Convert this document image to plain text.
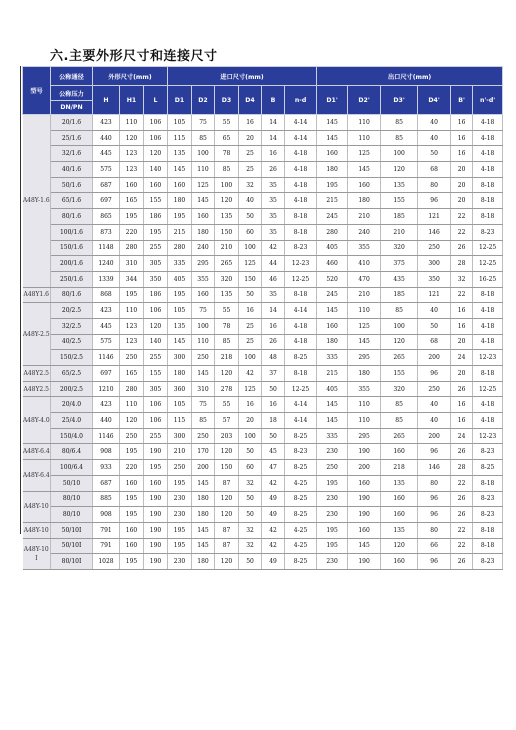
六.主要外形尺寸和连接尺寸
型号	公称通径	外形尺寸(mm)			进口尺寸(mm)						出口尺寸(mm)					
	公称压力	H	H1	L	D1	D2	D3	D4	B	n-d	D1'	D2'	D3'	D4'	B'	n'-d'
	DN/PN															
A48Y-1.6	20/1.6	423	110	106	105	75	55	16	14	4-14	145	110	85	40	16	4-18
	25/1.6	440	120	106	115	85	65	20	14	4-14	145	110	85	40	16	4-18
	32/1.6	445	123	120	135	100	78	25	16	4-18	160	125	100	50	16	4-18
	40/1.6	575	123	140	145	110	85	25	26	4-18	180	145	120	68	20	4-18
	50/1.6	687	160	160	160	125	100	32	35	4-18	195	160	135	80	20	8-18
	65/1.6	697	165	155	180	145	120	40	35	4-18	215	180	155	96	20	8-18
	80/1.6	865	195	186	195	160	135	50	35	8-18	245	210	185	121	22	8-18
	100/1.6	873	220	195	215	180	150	60	35	8-18	280	240	210	146	22	8-23
	150/1.6	1148	280	255	280	240	210	100	42	8-23	405	355	320	250	26	12-25
	200/1.6	1240	310	305	335	295	265	125	44	12-23	460	410	375	300	28	12-25
	250/1.6	1339	344	350	405	355	320	150	46	12-25	520	470	435	350	32	16-25
A48Y1.6	80/1.6	868	195	186	195	160	135	50	35	8-18	245	210	185	121	22	8-18
A48Y-2.5	20/2.5	423	110	106	105	75	55	16	14	4-14	145	110	85	40	16	4-18
	32/2.5	445	123	120	135	100	78	25	16	4-18	160	125	100	50	16	4-18
	40/2.5	575	123	140	145	110	85	25	26	4-18	180	145	120	68	20	4-18
	150/2.5	1146	250	255	300	250	218	100	48	8-25	335	295	265	200	24	12-23
A48Y2.5	65/2.5	697	165	155	180	145	120	42	37	8-18	215	180	155	96	20	8-18
A48Y2.5	200/2.5	1210	280	305	360	310	278	125	50	12-25	405	355	320	250	26	12-25
A48Y-4.0	20/4.0	423	110	106	105	75	55	16	16	4-14	145	110	85	40	16	4-18
	25/4.0	440	120	106	115	85	57	20	18	4-14	145	110	85	40	16	4-18
	150/4.0	1146	250	255	300	250	203	100	50	8-25	335	295	265	200	24	12-23
A48Y-6.4	80/6.4	908	195	190	210	170	120	50	45	8-23	230	190	160	96	26	8-23
A48Y-6.4	100/6.4	933	220	195	250	200	150	60	47	8-25	250	200	218	146	28	8-25
	50/10	687	160	160	195	145	87	32	42	4-25	195	160	135	80	22	8-18
A48Y-10	80/10	885	195	190	230	180	120	50	49	8-25	230	190	160	96	26	8-23
	80/10	908	195	190	230	180	120	50	49	8-25	230	190	160	96	26	8-23
A48Y-10	50/10I	791	160	190	195	145	87	32	42	4-25	195	160	135	80	22	8-18
A48Y-10 I	50/10I	791	160	190	195	145	87	32	42	4-25	195	145	120	66	22	8-18
	80/10I	1028	195	190	230	180	120	50	49	8-25	230	190	160	96	26	8-23
